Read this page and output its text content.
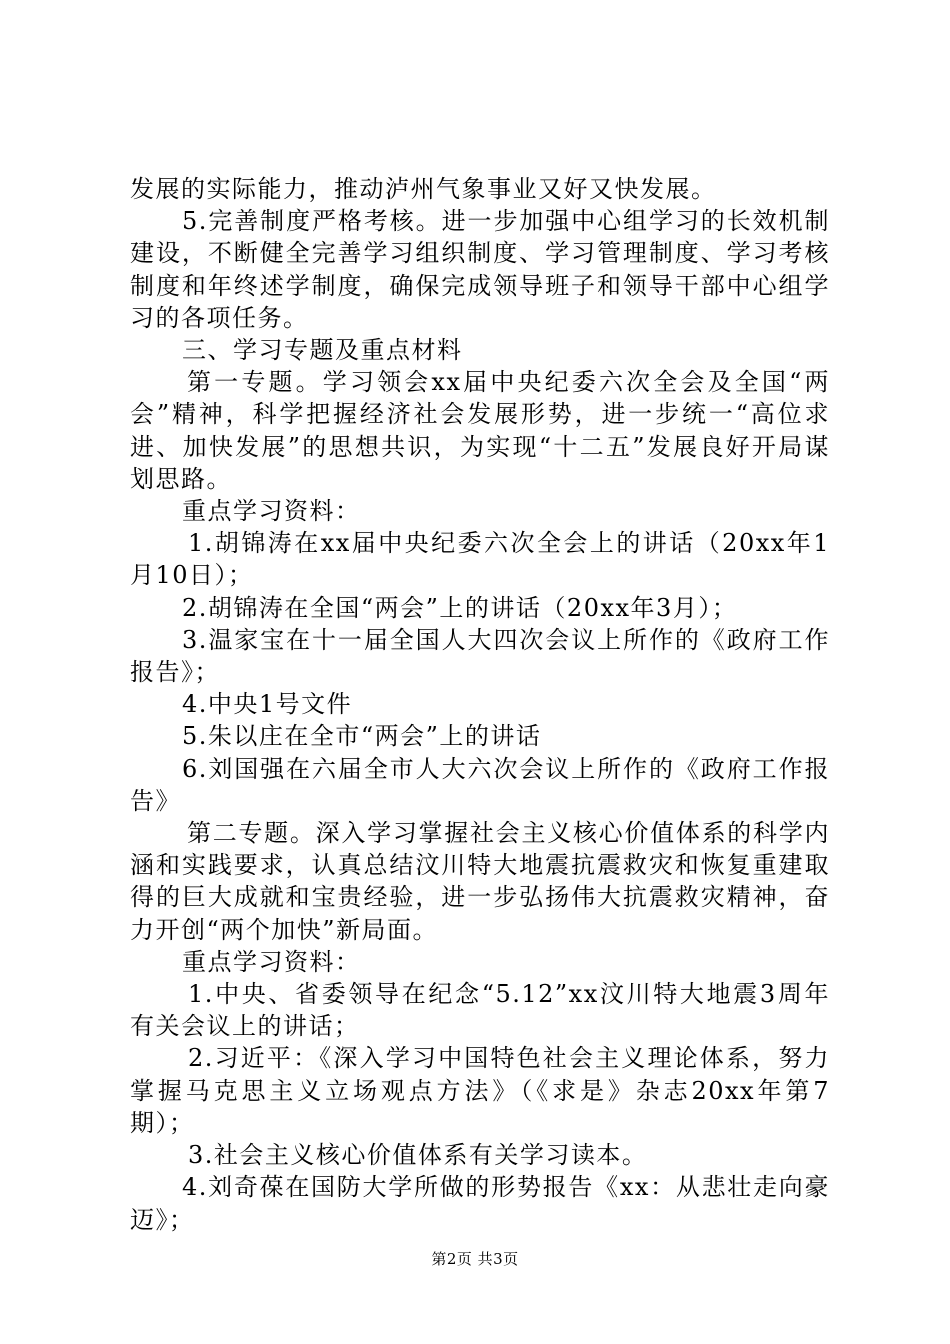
发展的实际能力，推动泸州气象事业又好又快发展。

5.完善制度严格考核。进一步加强中心组学习的长效机制建设，不断健全完善学习组织制度、学习管理制度、学习考核制度和年终述学制度，确保完成领导班子和领导干部中心组学习的各项任务。

三、学习专题及重点材料

第一专题。学习领会xx届中央纪委六次全会及全国“两会”精神，科学把握经济社会发展形势，进一步统一“高位求进、加快发展”的思想共识，为实现“十二五”发展良好开局谋划思路。

重点学习资料：

1.胡锦涛在xx届中央纪委六次全会上的讲话（20xx年1月10日）；

2.胡锦涛在全国“两会”上的讲话（20xx年3月）；

3.温家宝在十一届全国人大四次会议上所作的《政府工作报告》；

4.中央1号文件

5.朱以庄在全市“两会”上的讲话

6.刘国强在六届全市人大六次会议上所作的《政府工作报告》

第二专题。深入学习掌握社会主义核心价值体系的科学内涵和实践要求，认真总结汶川特大地震抗震救灾和恢复重建取得的巨大成就和宝贵经验，进一步弘扬伟大抗震救灾精神，奋力开创“两个加快”新局面。

重点学习资料：

1.中央、省委领导在纪念“5.12”xx汶川特大地震3周年有关会议上的讲话；

2.习近平：《深入学习中国特色社会主义理论体系，努力掌握马克思主义立场观点方法》（《求是》杂志20xx年第7期）；

3.社会主义核心价值体系有关学习读本。

4.刘奇葆在国防大学所做的形势报告《xx：从悲壮走向豪迈》；

第2页 共3页
